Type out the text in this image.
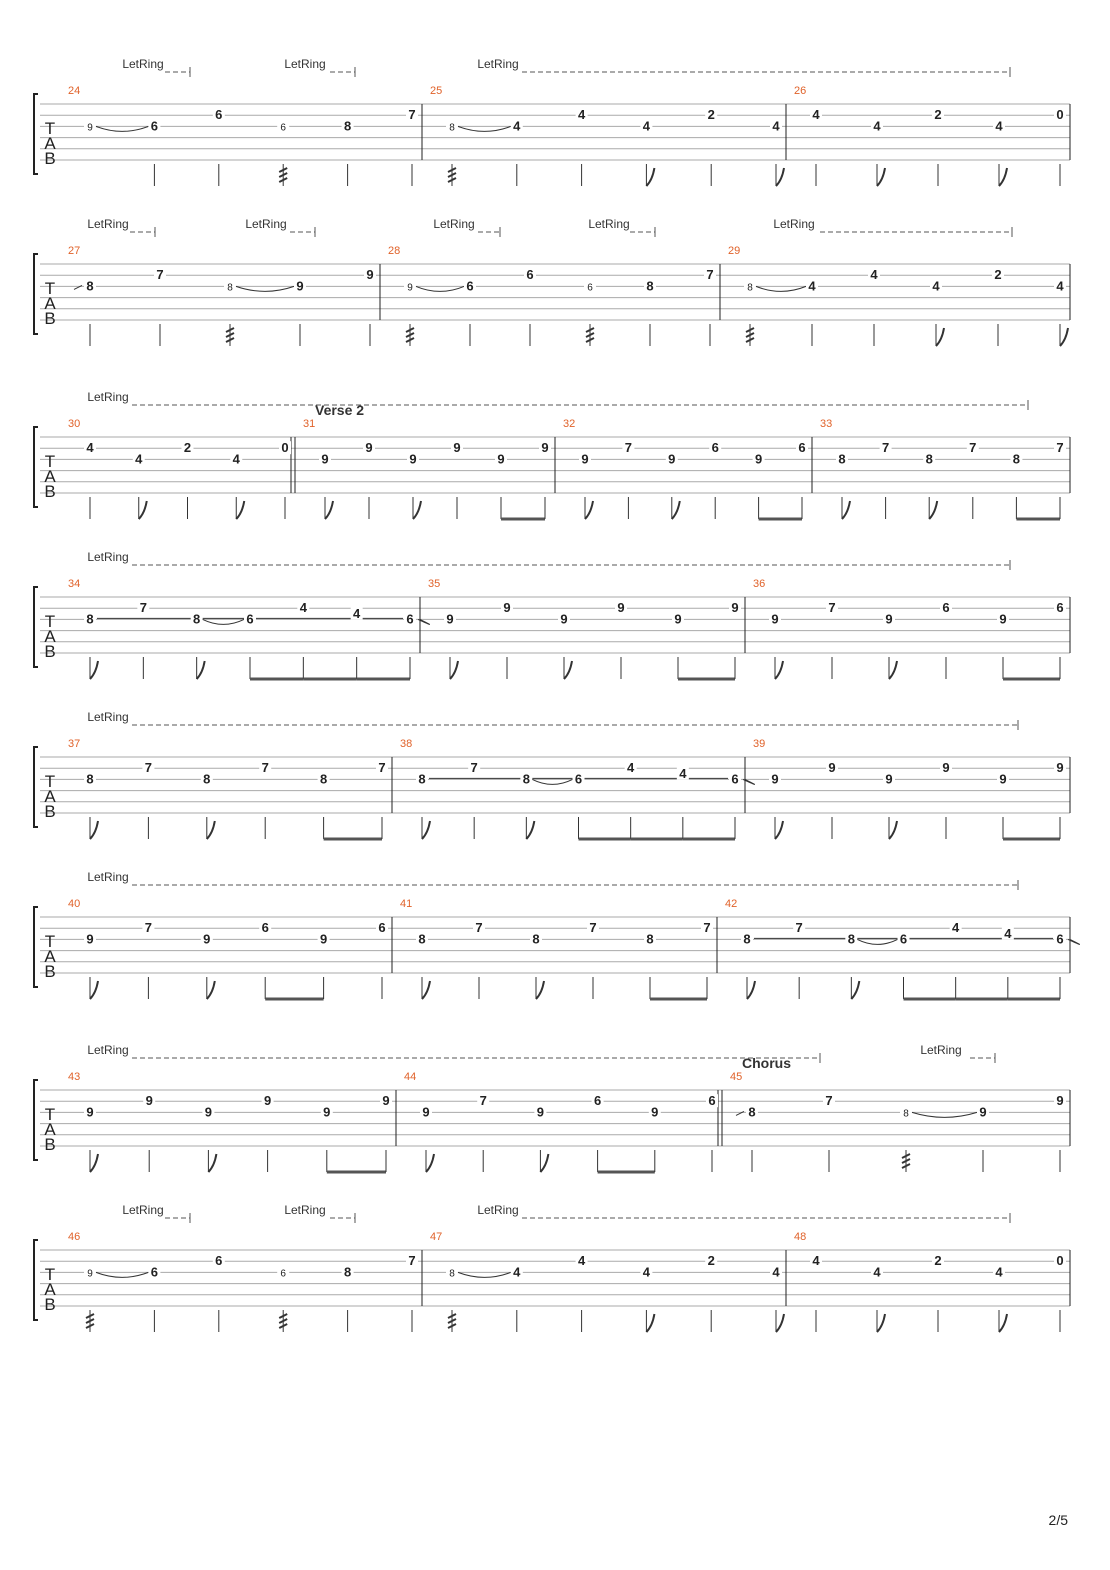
LetRing	LetRing	LetRing
T
A
B
24
9	6
6
6	8
7
25
8	4
4
4
2
4
26
4
4
2
4
0
LetRing	LetRing	LetRing	LetRing	LetRing
T
A
B
27
8
7
8	9
9
28
9	6
6
6	8
7
29
8	4
4
4
2
4
LetRing
Verse 2
T
A
B
30
4
4
2
4
0
31
9
9
9
9
9
9
32
9
7
9
6
9
6
33
8
7
8
7
8
7
LetRing
T
A
B
34
8
7
8	6
4	4	6
35
9
9
9
9
9
9
36
9
7
9
6
9
6
LetRing
T
A
B
37
8
7
8
7
8
7
38
8
7
8	6
4	4	6
39
9
9
9
9
9
9
LetRing
T
A
B
40
9
7
9
6
9
6
41
8
7
8
7
8
7
42
8
7
8	6
4	4	6
LetRing	LetRing
Chorus
T
A
B
43
9
9
9
9
9
9
44
9
7
9
6
9
6
45
8
7
8	9
9
LetRing	LetRing	LetRing
T
A
B
46
9	6
6
6	8
7
47
8	4
4
4
2
4
48
4
4
2
4
0
2/5
